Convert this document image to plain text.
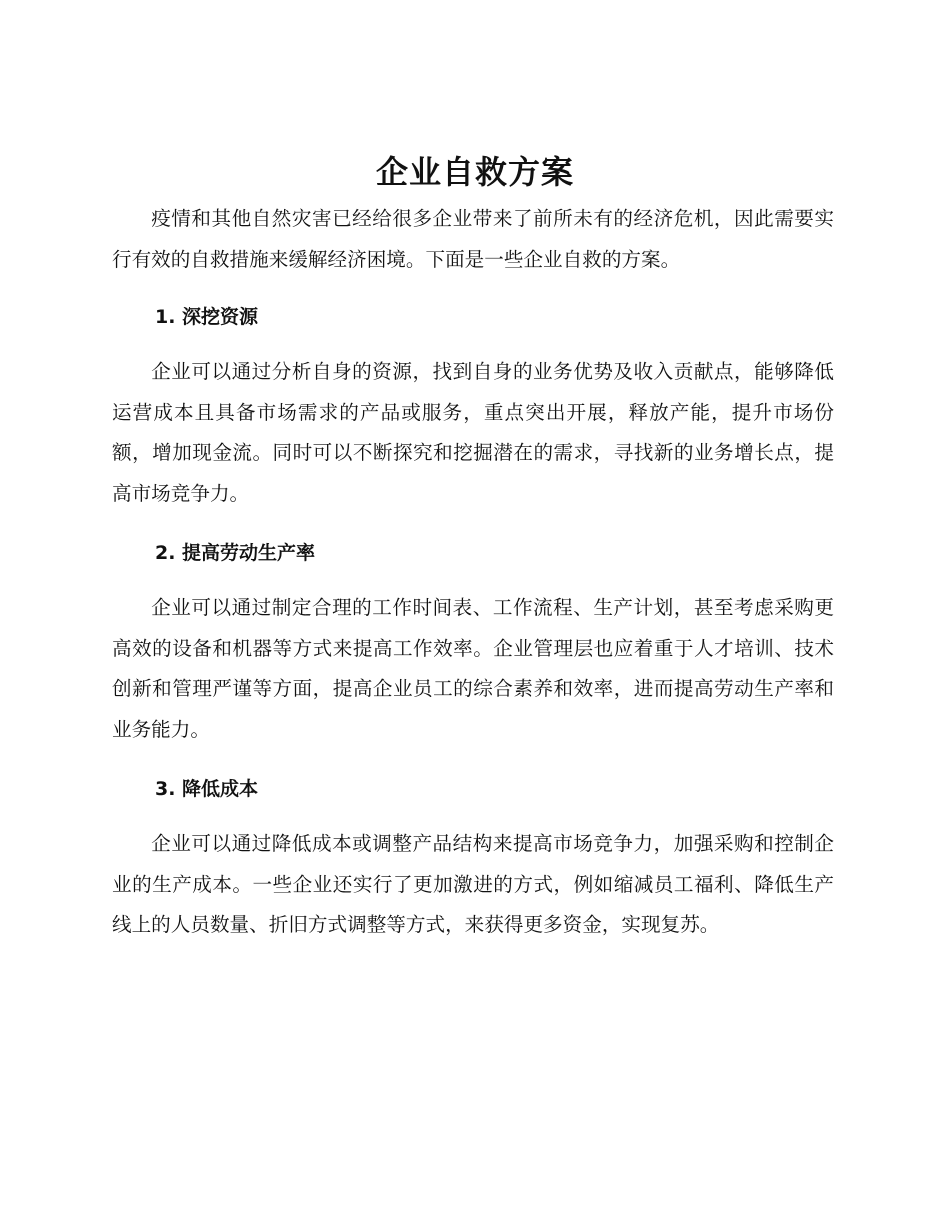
企业自救方案

疫情和其他自然灾害已经给很多企业带来了前所未有的经济危机，因此需要实行有效的自救措施来缓解经济困境。下面是一些企业自救的方案。

1. 深挖资源

企业可以通过分析自身的资源，找到自身的业务优势及收入贡献点，能够降低运营成本且具备市场需求的产品或服务，重点突出开展，释放产能，提升市场份额，增加现金流。同时可以不断探究和挖掘潜在的需求，寻找新的业务增长点，提高市场竞争力。

2. 提高劳动生产率

企业可以通过制定合理的工作时间表、工作流程、生产计划，甚至考虑采购更高效的设备和机器等方式来提高工作效率。企业管理层也应着重于人才培训、技术创新和管理严谨等方面，提高企业员工的综合素养和效率，进而提高劳动生产率和业务能力。

3. 降低成本

企业可以通过降低成本或调整产品结构来提高市场竞争力，加强采购和控制企业的生产成本。一些企业还实行了更加激进的方式，例如缩减员工福利、降低生产线上的人员数量、折旧方式调整等方式，来获得更多资金，实现复苏。
